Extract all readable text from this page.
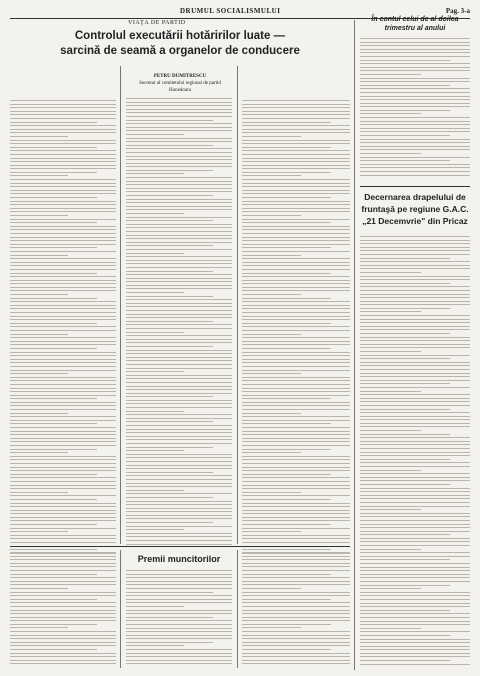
DRUMUL SOCIALISMULUI	Pag. 3-a
VIAŢA DE PARTID
Controlul executării hotăririlor luate —
sarcină de seamă a organelor de conducere
PETRU DUMITRESCU
Secretar al comitetului regional de partid
Hunedoara
În contul celui de al doilea
trimestru al anului
Decernarea drapelului de
fruntaşă pe regiune G.A.C.
„21 Decemvrie" din Pricaz
Premii muncitorilor
